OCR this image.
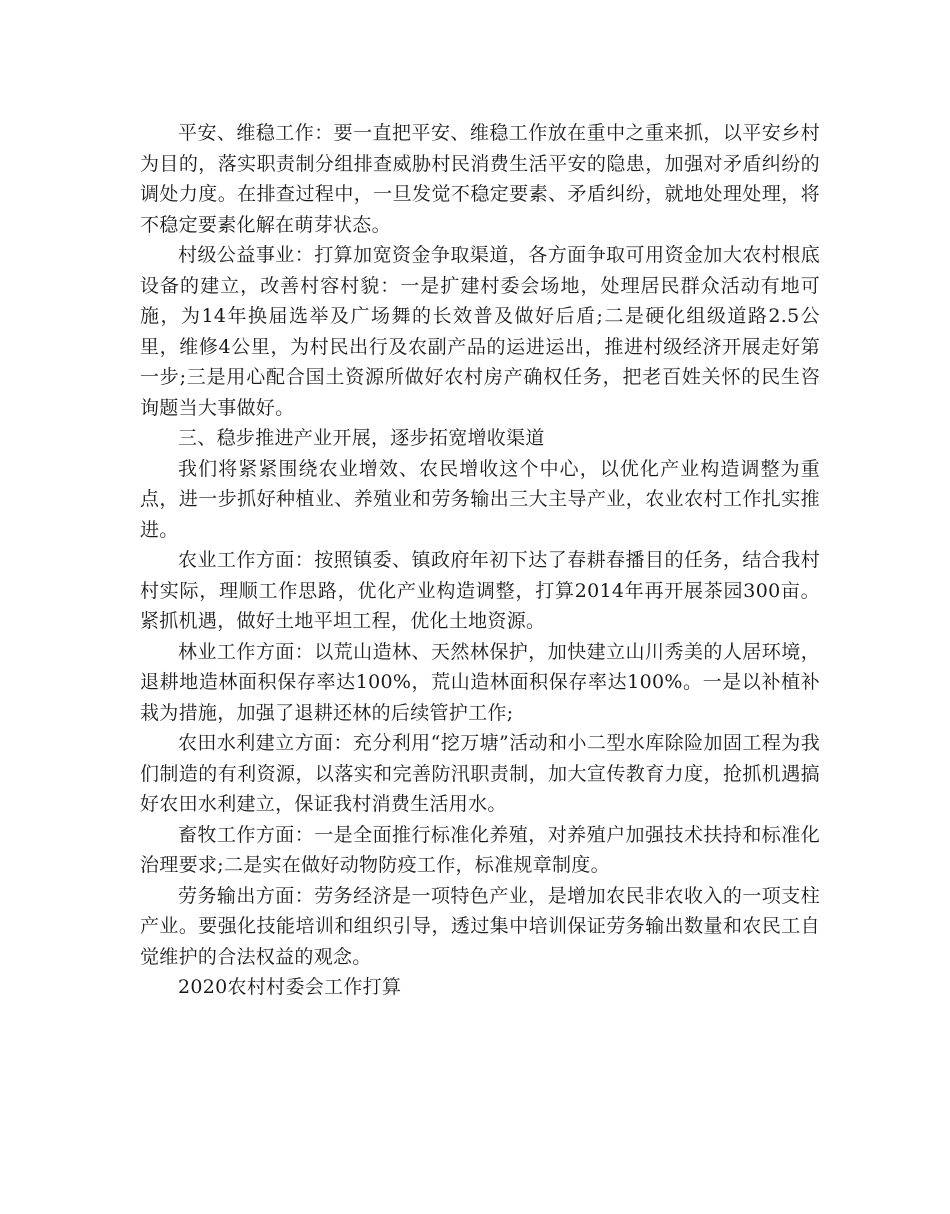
平安、维稳工作：要一直把平安、维稳工作放在重中之重来抓，以平安乡村为目的，落实职责制分组排查威胁村民消费生活平安的隐患，加强对矛盾纠纷的调处力度。在排查过程中，一旦发觉不稳定要素、矛盾纠纷，就地处理处理，将不稳定要素化解在萌芽状态。

村级公益事业：打算加宽资金争取渠道，各方面争取可用资金加大农村根底设备的建立，改善村容村貌：一是扩建村委会场地，处理居民群众活动有地可施，为14年换届选举及广场舞的长效普及做好后盾;二是硬化组级道路2.5公里，维修4公里，为村民出行及农副产品的运进运出，推进村级经济开展走好第一步;三是用心配合国土资源所做好农村房产确权任务，把老百姓关怀的民生咨询题当大事做好。

三、稳步推进产业开展，逐步拓宽增收渠道

我们将紧紧围绕农业增效、农民增收这个中心，以优化产业构造调整为重点，进一步抓好种植业、养殖业和劳务输出三大主导产业，农业农村工作扎实推进。

农业工作方面：按照镇委、镇政府年初下达了春耕春播目的任务，结合我村村实际，理顺工作思路，优化产业构造调整，打算2014年再开展茶园300亩。紧抓机遇，做好土地平坦工程，优化土地资源。

林业工作方面：以荒山造林、天然林保护，加快建立山川秀美的人居环境，退耕地造林面积保存率达100%，荒山造林面积保存率达100%。一是以补植补栽为措施，加强了退耕还林的后续管护工作;

农田水利建立方面：充分利用“挖万塘”活动和小二型水库除险加固工程为我们制造的有利资源，以落实和完善防汛职责制，加大宣传教育力度，抢抓机遇搞好农田水利建立，保证我村消费生活用水。

畜牧工作方面：一是全面推行标准化养殖，对养殖户加强技术扶持和标准化治理要求;二是实在做好动物防疫工作，标准规章制度。

劳务输出方面：劳务经济是一项特色产业，是增加农民非农收入的一项支柱产业。要强化技能培训和组织引导，透过集中培训保证劳务输出数量和农民工自觉维护的合法权益的观念。

2020农村村委会工作打算
